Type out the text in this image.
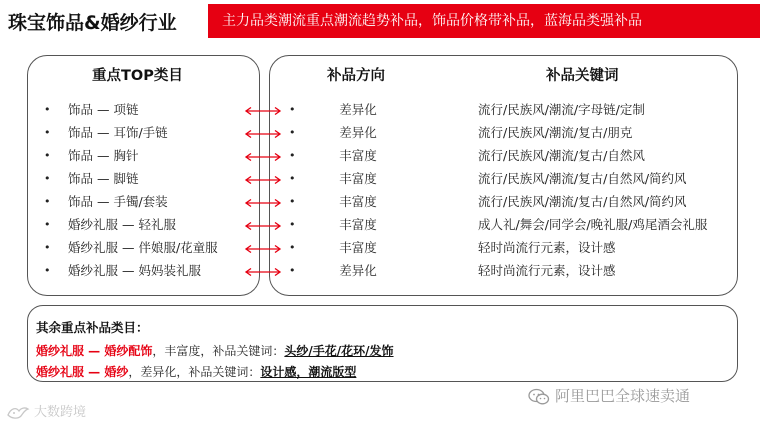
珠宝饰品&婚纱行业	主力品类潮流重点潮流趋势补品，饰品价格带补品，蓝海品类强补品
重点TOP类目	补品方向	补品关键词
• 饰品 — 项链	•	差异化	流行/民族风/潮流/字母链/定制
• 饰品 — 耳饰/手链	•	差异化	流行/民族风/潮流/复古/朋克
• 饰品 — 胸针	•	丰富度	流行/民族风/潮流/复古/自然风
• 饰品 — 脚链	•	丰富度	流行/民族风/潮流/复古/自然风/简约风
• 饰品 — 手镯/套装	•	丰富度	流行/民族风/潮流/复古/自然风/简约风
• 婚纱礼服 — 轻礼服	•	丰富度	成人礼/舞会/同学会/晚礼服/鸡尾酒会礼服
• 婚纱礼服 — 伴娘服/花童服	•	丰富度	轻时尚流行元素，设计感
• 婚纱礼服 — 妈妈装礼服	•	差异化	轻时尚流行元素，设计感
其余重点补品类目：
婚纱礼服 — 婚纱配饰，丰富度，补品关键词：头纱/手花/花环/发饰
婚纱礼服 — 婚纱，差异化，补品关键词：设计感，潮流版型
阿里巴巴全球速卖通
大数跨境
